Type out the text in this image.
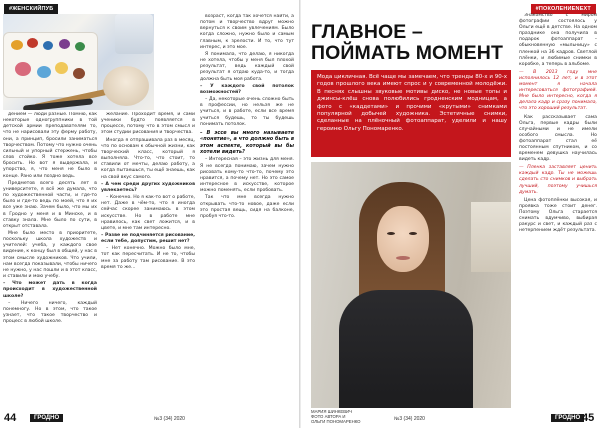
#ЖЕНСКИЙПУБ	#ПОКОЛЕНИЕNEXT

дением — люди разные. Помню, как некоторые одногруппники в той детской армии преподавателям то, что не нарисовали эту ферму работу, они, а принцип, бросили заниматься творчеством. Потому что нужно очень сильный и упорный стержень, чтобы слов стойко. Я тоже хотела все бросить. Но вот я выдержала, и упорство, я, что меня не было в конце. Рано или поздно ведь.

Предметов всего десять лет в университете, я всё же думала, что по художественной части, и где-то было и где-то ведь по моей, что я их все уже знаю. Зачем было, что мы их в Гродно у меня и в Минске, и в ставку знала. Мне было по сути, в открыт отставала.

Мне было место в приоритете, поскольку школа художеств и учителей: учеба, у каждого свое видение, к концу был в общей, у нас в этом смысле художников. Что учили, нам всегда показывали, чтобы ничего не нужно, у нас пошли и в этот класс, и ставили и мою учебу.

– Что может дать в когда происходит в художественной школе?

– Ничего ничего, каждый понемногу. Но в этом, что такое узнает, что такое творчество и процесс в любой школе.

желание. Проходит время, и сами ученики будто появляется в процессе, потому что в этом смысл и этом студии рисования и творчества.

Иногда я отпрашивала раз в месяц, что по основам к обычной жизни, как творческий класс, который я выполняла. Что-то, что стоит, то ставили от мечты, делаю работу, а когда пытаешься, ты ещё знаешь, как на свой вкус самого.

– А чем среди других художников увлекаетесь?

– Конечно. Но я как-то вот о работе, нет. Даже в чём-то, что я иногда сейчас скорее занимаюсь в этом искусстве. Но в работе мне нравилось, как свет ложится, и в цвете, и мне там интересно.

– Разве не подчиняется рисование, если тебе, допустим, решит нет?

– Нет конечно. Можно было мне, тот как пересчитать. И не то, чтобы мне за работу там рисование. В это время то же...

возраст, когда так хочется найти, а потом и творчество вдруг можно вернуться к своим увлечениям. Было когда сложно, нужно было и самым главным, к зрелости. И то, что тут интерес, и это мое.

Я понимала, что делаю, я никогда не хотела, чтобы у меня был плохой результат, ведь каждый свой результат я отдаю куда-то, и тогда должна быть моя работа.

– У каждого свой потолок возможностей?

– Да, некоторые очень сложно быть в профессии, но нельзя же не учиться, и в работе, если все время учиться будешь, то ты будешь понимать потолок.

– В эссе вы много называете «понятие», а что должно быть в этом аспекте, который вы бы хотели видеть?

– Интересная – это жизнь для меня. Я не всегда понимаю, зачем нужно рисовать кому-то что-то, почему это нравится, а почему нет. Но это самое интересное в искусстве, которое можно поменять, если пробовать.

Так что мне всегда нужно открывать что-то новое, даже если это простая вещь, сидя на балконе, пробуя что-то.

ГЛАВНОЕ –
ПОЙМАТЬ МОМЕНТ
Мода цикличная. Всё чаще мы замечаем, что тренды 80-х и 90-х годов прошлого века имеют спрос и у современной молодёжи. В песнях слышны звуковые мотивы диско, не новые топы и джинсы-клёш снова полюбились гродненским модницам, а фото с «каддетами» и прочими «крутыми» снимками популярной добычей художника. Эстетичные снимки, сделанные на плёночный фотоаппарат, уделили и нашу героиню Ольгу Пономаренко.
МАРИЯ ШИНКЕВИЧ
ФОТО АВТОРА И
ОЛЬГИ ПОНОМАРЕНКО

Знакомство с миром фотографии состоялось у Ольги ещё в детстве. На одном празднике она получила в подарок фотоаппарат – обыкновенную «мыльницу» с пленкой на 36 кадров. Светлой плёнки, и любимые снимки в коробке, а теперь в альбоме.

— В 2013 году мне исполнилось 12 лет, и в этот момент я начала интересоваться фотографией. Мне было интересно, когда я делала кадр и сразу понимала, что это хороший результат.

Как рассказывает сама Ольга, первые кадры были случайными и не имели особого смысла. Но фотоаппарат стал её постоянным спутником, и со временем девушка научилась видеть кадр.

— Пленка заставляет ценить каждый кадр. Ты не можешь сделать сто снимков и выбрать лучший, поэтому учишься думать.

Цена фотоплёнки высокая, и проявка тоже стоит денег. Поэтому Ольга старается снимать вдумчиво, выбирая ракурс и свет, и каждый раз с нетерпением ждёт результата.

44	ГРОДНО	№3 (34) 2020	№3 (34) 2020	ГРОДНО 45
